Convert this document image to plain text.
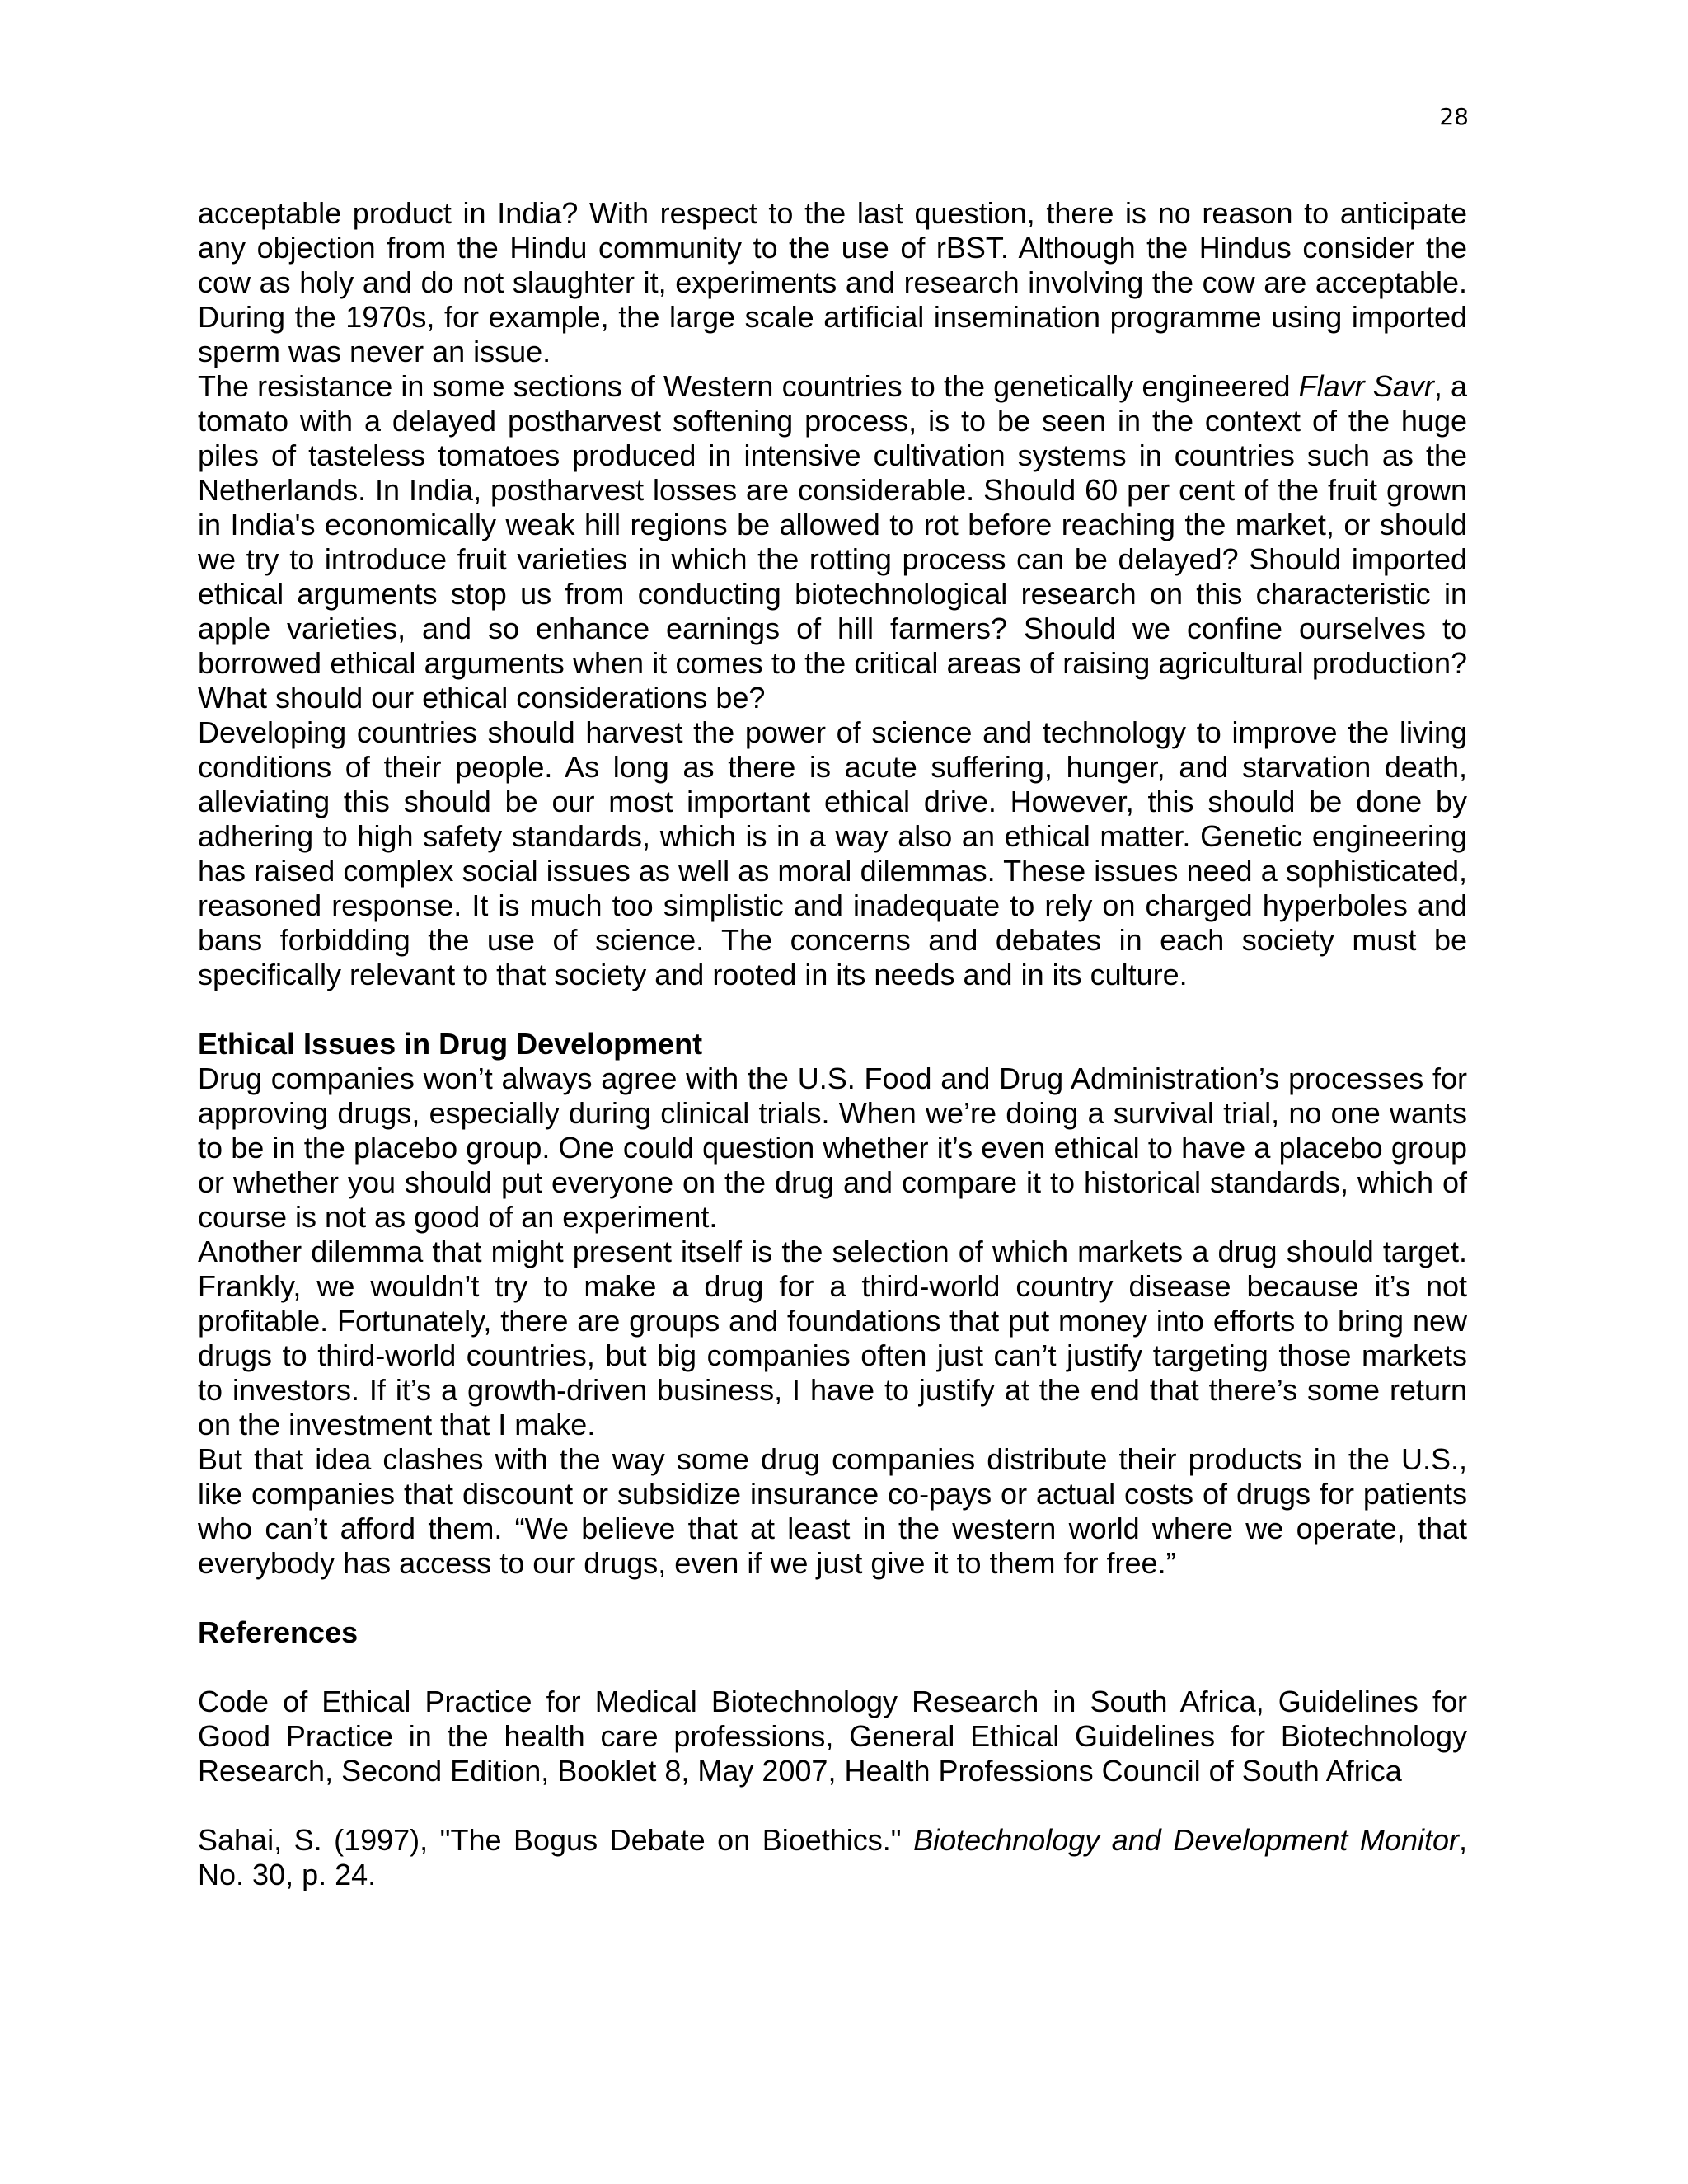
28

acceptable product in India? With respect to the last question, there is no reason to anticipate any objection from the Hindu community to the use of rBST. Although the Hindus consider the cow as holy and do not slaughter it, experiments and research involving the cow are acceptable. During the 1970s, for example, the large scale artificial insemination programme using imported sperm was never an issue.

The resistance in some sections of Western countries to the genetically engineered Flavr Savr, a tomato with a delayed postharvest softening process, is to be seen in the context of the huge piles of tasteless tomatoes produced in intensive cultivation systems in countries such as the Netherlands. In India, postharvest losses are considerable. Should 60 per cent of the fruit grown in India's economically weak hill regions be allowed to rot before reaching the market, or should we try to introduce fruit varieties in which the rotting process can be delayed? Should imported ethical arguments stop us from conducting biotechnological research on this characteristic in apple varieties, and so enhance earnings of hill farmers? Should we confine ourselves to borrowed ethical arguments when it comes to the critical areas of raising agricultural production? What should our ethical considerations be?

Developing countries should harvest the power of science and technology to improve the living conditions of their people. As long as there is acute suffering, hunger, and starvation death, alleviating this should be our most important ethical drive. However, this should be done by adhering to high safety standards, which is in a way also an ethical matter. Genetic engineering has raised complex social issues as well as moral dilemmas. These issues need a sophisticated, reasoned response. It is much too simplistic and inadequate to rely on charged hyperboles and bans forbidding the use of science. The concerns and debates in each society must be specifically relevant to that society and rooted in its needs and in its culture.

Ethical Issues in Drug Development

Drug companies won’t always agree with the U.S. Food and Drug Administration’s processes for approving drugs, especially during clinical trials. When we’re doing a survival trial, no one wants to be in the placebo group. One could question whether it’s even ethical to have a placebo group or whether you should put everyone on the drug and compare it to historical standards, which of course is not as good of an experiment.

Another dilemma that might present itself is the selection of which markets a drug should target. Frankly, we wouldn’t try to make a drug for a third-world country disease because it’s not profitable. Fortunately, there are groups and foundations that put money into efforts to bring new drugs to third-world countries, but big companies often just can’t justify targeting those markets to investors. If it’s a growth-driven business, I have to justify at the end that there’s some return on the investment that I make.

But that idea clashes with the way some drug companies distribute their products in the U.S., like companies that discount or subsidize insurance co-pays or actual costs of drugs for patients who can’t afford them. “We believe that at least in the western world where we operate, that everybody has access to our drugs, even if we just give it to them for free.”

References

Code of Ethical Practice for Medical Biotechnology Research in South Africa, Guidelines for Good Practice in the health care professions, General Ethical Guidelines for Biotechnology Research, Second Edition, Booklet 8, May 2007, Health Professions Council of South Africa

Sahai, S. (1997), "The Bogus Debate on Bioethics." Biotechnology and Development Monitor, No. 30, p. 24.
